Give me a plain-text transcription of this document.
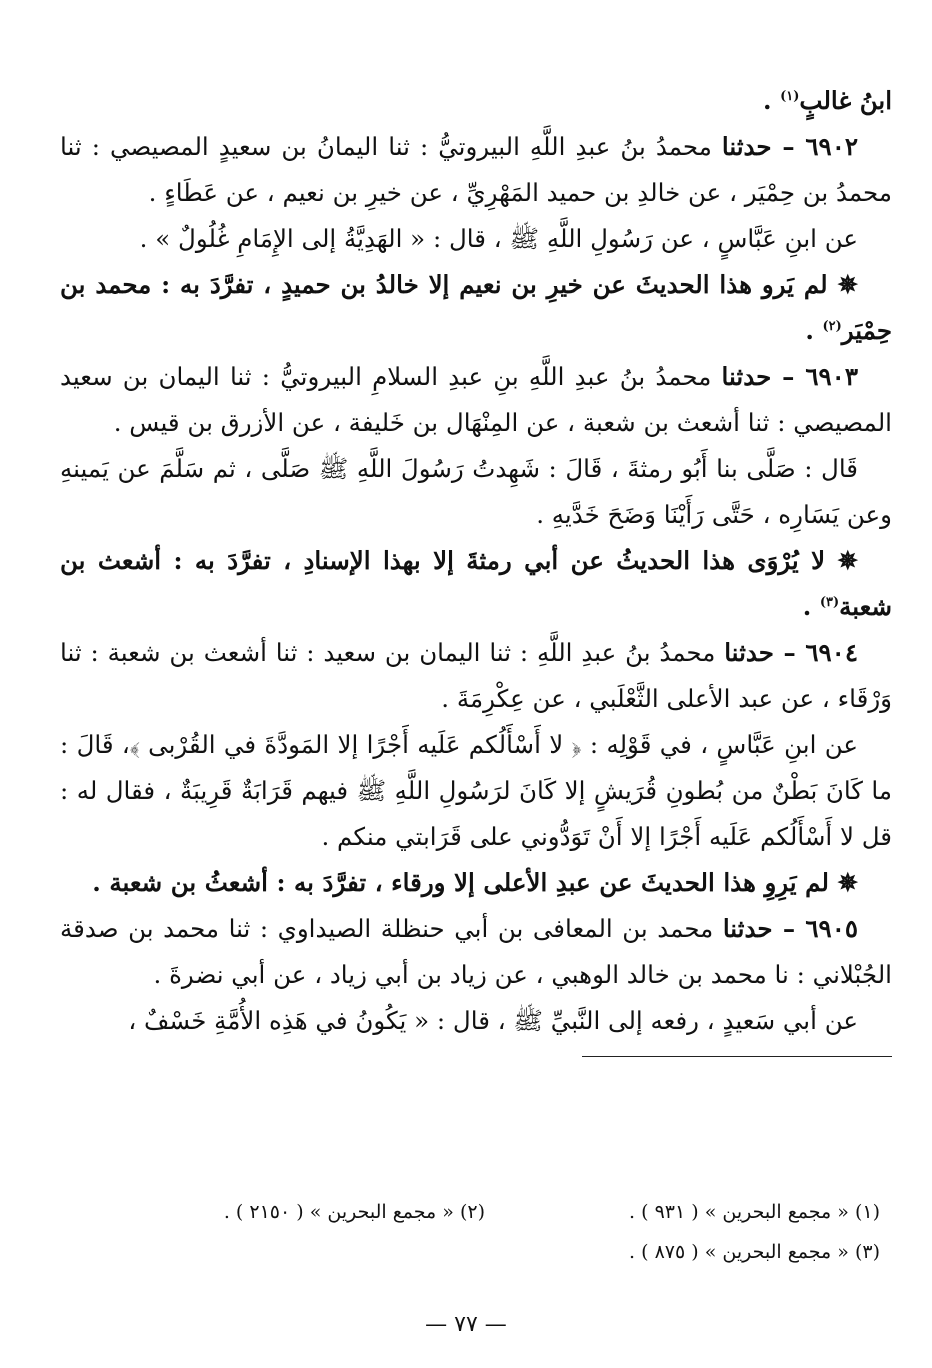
ابنُ غالبٍ$^{(١)}$ .

٦٩٠٢ – حدثنا محمدُ بنُ عبدِ اللَّهِ البيروتيُّ : ثنا اليمانُ بن سعيدٍ المصيصي : ثنا محمدُ بن حِمْيَر ، عن خالدِ بن حميد المَهْرِيِّ ، عن خيرِ بن نعيم ، عن عَطَاءٍ .

عن ابنِ عَبَّاسٍ ، عن رَسُولِ اللَّهِ ﷺ ، قال : « الهَدِيَّةُ إلى الإِمَامِ غُلُولٌ » .

✵ لم يَرو هذا الحديثَ عن خيرِ بن نعيم إلا خالدُ بن حميدٍ ، تفرَّدَ به : محمد بن حِمْيَر$^{(٢)}$ .

٦٩٠٣ – حدثنا محمدُ بنُ عبدِ اللَّهِ بنِ عبدِ السلامِ البيروتيُّ : ثنا اليمان بن سعيد المصيصي : ثنا أشعث بن شعبة ، عن المِنْهَال بن خَليفة ، عن الأزرق بن قيس .

قَال : صَلَّى بنا أَبُو رمثةَ ، قَالَ : شَهِدتُ رَسُولَ اللَّهِ ﷺ صَلَّى ، ثم سَلَّمَ عن يَمينهِ وعن يَسَارِه ، حَتَّى رَأَيْنَا وَضَحَ خَدَّيهِ .

✵ لا يُرْوَى هذا الحديثُ عن أبي رمثةَ إلا بهذا الإسنادِ ، تفرَّدَ به : أشعث بن شعبة$^{(٣)}$ .

٦٩٠٤ – حدثنا محمدُ بنُ عبدِ اللَّهِ : ثنا اليمان بن سعيد : ثنا أشعث بن شعبة : ثنا وَرْقَاء ، عن عبد الأعلى الثَّعْلَبي ، عن عِكْرِمَةَ .

عن ابنِ عَبَّاسٍ ، في قَوْلِه : ﴿ لا أَسْأَلُكم عَلَيه أَجْرًا إلا المَودَّةَ في القُرْبى ﴾، قَالَ : ما كَانَ بَطْنٌ من بُطونِ قُرَيشٍ إلا كَانَ لرَسُولِ اللَّهِ ﷺ فيهم قَرَابَةٌ قَرِيبَةٌ ، فقال له : قل لا أَسْأَلُكم عَلَيه أَجْرًا إلا أَنْ تَوَدُّوني على قَرَابتي منكم .

✵ لم يَرِوِ هذا الحديثَ عن عبدِ الأعلى إلا ورقاء ، تفرَّدَ به : أشعثُ بن شعبة .

٦٩٠٥ – حدثنا محمد بن المعافى بن أبي حنظلة الصيداوي : ثنا محمد بن صدقة الجُبْلاني : نا محمد بن خالد الوهبي ، عن زياد بن أبي زياد ، عن أبي نضرةَ .

عن أبي سَعيدٍ ، رفعه إلى النَّبيِّ ﷺ ، قال : « يَكُونُ في هَذِه الأُمَّةِ خَسْفٌ ،

(١) « مجمع البحرين » ( ٩٣١ ) .
(٢) « مجمع البحرين » ( ٢١٥٠ ) .
(٣) « مجمع البحرين » ( ٨٧٥ ) .
— ٧٧ —
